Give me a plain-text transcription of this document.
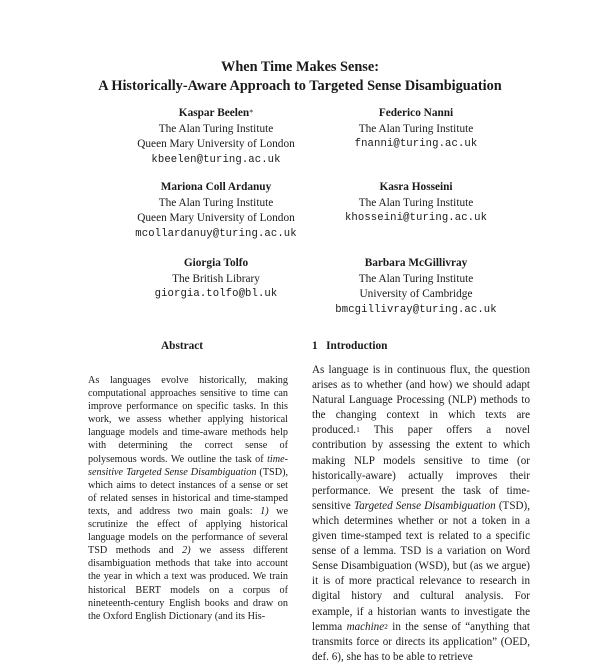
When Time Makes Sense:
A Historically-Aware Approach to Targeted Sense Disambiguation
Kaspar Beelen*
The Alan Turing Institute
Queen Mary University of London
kbeelen@turing.ac.uk
Federico Nanni
The Alan Turing Institute
fnanni@turing.ac.uk
Mariona Coll Ardanuy
The Alan Turing Institute
Queen Mary University of London
mcollardanuy@turing.ac.uk
Kasra Hosseini
The Alan Turing Institute
khosseini@turing.ac.uk
Giorgia Tolfo
The British Library
giorgia.tolfo@bl.uk
Barbara McGillivray
The Alan Turing Institute
University of Cambridge
bmcgillivray@turing.ac.uk
Abstract

As languages evolve historically, making computational approaches sensitive to time can improve performance on specific tasks. In this work, we assess whether applying historical language models and time-aware methods help with determining the correct sense of polysemous words. We outline the task of time-sensitive Targeted Sense Disambiguation (TSD), which aims to detect instances of a sense or set of related senses in historical and time-stamped texts, and address two main goals: 1) we scrutinize the effect of applying historical language models on the performance of several TSD methods and 2) we assess different disambiguation methods that take into account the year in which a text was produced. We train historical BERT models on a corpus of nineteenth-century English books and draw on the Oxford English Dictionary (and its His-

1 Introduction

As language is in continuous flux, the question arises as to whether (and how) we should adapt Natural Language Processing (NLP) methods to the changing context in which texts are produced.$^1$ This paper offers a novel contribution by assessing the extent to which making NLP models sensitive to time (or historically-aware) actually improves their performance. We present the task of time-sensitive Targeted Sense Disambiguation (TSD), which determines whether or not a token in a given time-stamped text is related to a specific sense of a lemma. TSD is a variation on Word Sense Disambiguation (WSD), but (as we argue) it is of more practical relevance to research in digital history and cultural analysis. For example, if a historian wants to investigate the lemma machine$^2$ in the sense of “anything that transmits force or directs its application” (OED, def. 6), she has to be able to retrieve
